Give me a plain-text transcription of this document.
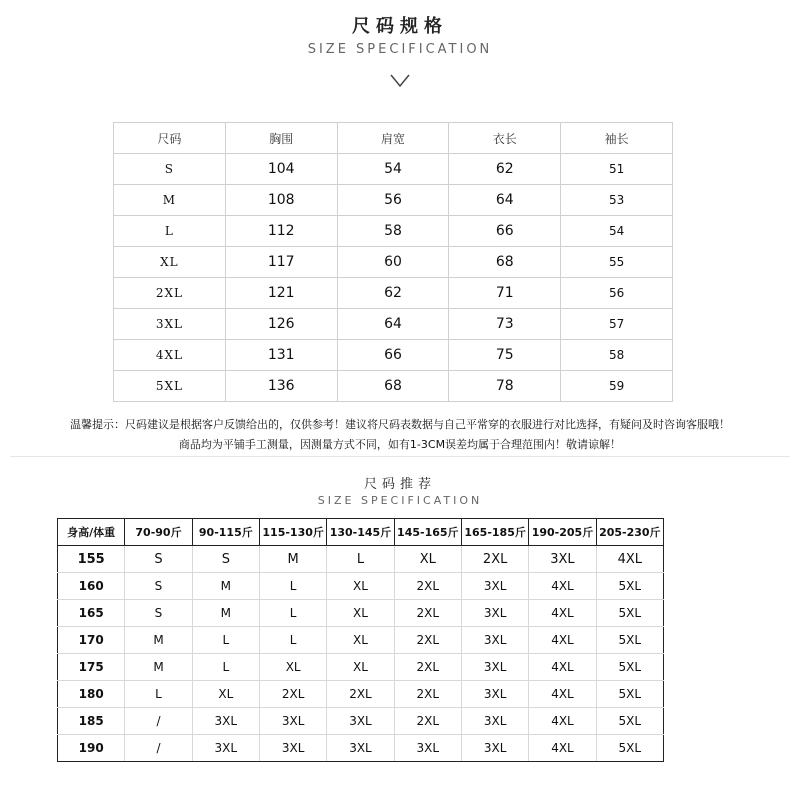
尺码规格
SIZE SPECIFICATION
尺码	胸围	肩宽	衣长	袖长
S	104	54	62	51
M	108	56	64	53
L	112	58	66	54
XL	117	60	68	55
2XL	121	62	71	56
3XL	126	64	73	57
4XL	131	66	75	58
5XL	136	68	78	59
温馨提示：尺码建议是根据客户反馈给出的，仅供参考！建议将尺码表数据与自己平常穿的衣服进行对比选择，有疑问及时咨询客服哦！
商品均为平铺手工测量，因测量方式不同，如有1-3CM误差均属于合理范围内！敬请谅解！
尺码推荐
SIZE SPECIFICATION
身高/体重	70-90斤	90-115斤	115-130斤	130-145斤	145-165斤	165-185斤	190-205斤	205-230斤
155	S	S	M	L	XL	2XL	3XL	4XL
160	S	M	L	XL	2XL	3XL	4XL	5XL
165	S	M	L	XL	2XL	3XL	4XL	5XL
170	M	L	L	XL	2XL	3XL	4XL	5XL
175	M	L	XL	XL	2XL	3XL	4XL	5XL
180	L	XL	2XL	2XL	2XL	3XL	4XL	5XL
185	/	3XL	3XL	3XL	2XL	3XL	4XL	5XL
190	/	3XL	3XL	3XL	3XL	3XL	4XL	5XL
